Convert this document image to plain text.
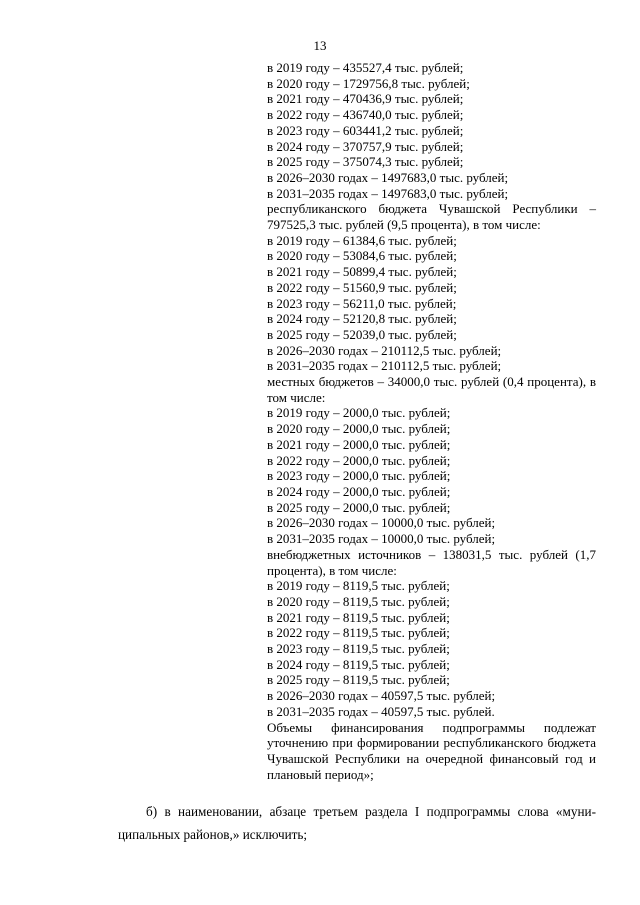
13
в 2019 году – 435527,4 тыс. рублей;
в 2020 году – 1729756,8 тыс. рублей;
в 2021 году – 470436,9 тыс. рублей;
в 2022 году – 436740,0 тыс. рублей;
в 2023 году – 603441,2 тыс. рублей;
в 2024 году – 370757,9 тыс. рублей;
в 2025 году – 375074,3 тыс. рублей;
в 2026–2030 годах – 1497683,0 тыс. рублей;
в 2031–2035 годах – 1497683,0 тыс. рублей;
республиканского бюджета Чувашской Республики – 797525,3 тыс. рублей (9,5 процента), в том числе:
в 2019 году – 61384,6 тыс. рублей;
в 2020 году – 53084,6 тыс. рублей;
в 2021 году – 50899,4 тыс. рублей;
в 2022 году – 51560,9 тыс. рублей;
в 2023 году – 56211,0 тыс. рублей;
в 2024 году – 52120,8 тыс. рублей;
в 2025 году – 52039,0 тыс. рублей;
в 2026–2030 годах – 210112,5 тыс. рублей;
в 2031–2035 годах – 210112,5 тыс. рублей;
местных бюджетов – 34000,0 тыс. рублей (0,4 процента), в том числе:
в 2019 году – 2000,0 тыс. рублей;
в 2020 году – 2000,0 тыс. рублей;
в 2021 году – 2000,0 тыс. рублей;
в 2022 году – 2000,0 тыс. рублей;
в 2023 году – 2000,0 тыс. рублей;
в 2024 году – 2000,0 тыс. рублей;
в 2025 году – 2000,0 тыс. рублей;
в 2026–2030 годах – 10000,0 тыс. рублей;
в 2031–2035 годах – 10000,0 тыс. рублей;
внебюджетных источников – 138031,5 тыс. рублей (1,7 процента), в том числе:
в 2019 году – 8119,5 тыс. рублей;
в 2020 году – 8119,5 тыс. рублей;
в 2021 году – 8119,5 тыс. рублей;
в 2022 году – 8119,5 тыс. рублей;
в 2023 году – 8119,5 тыс. рублей;
в 2024 году – 8119,5 тыс. рублей;
в 2025 году – 8119,5 тыс. рублей;
в 2026–2030 годах – 40597,5 тыс. рублей;
в 2031–2035 годах – 40597,5 тыс. рублей.
Объемы финансирования подпрограммы подлежат уточнению при формировании республиканского бюджета Чувашской Республики на очередной финансовый год и плановый период»;
б) в наименовании, абзаце третьем раздела I подпрограммы слова «муниципальных районов,» исключить;
